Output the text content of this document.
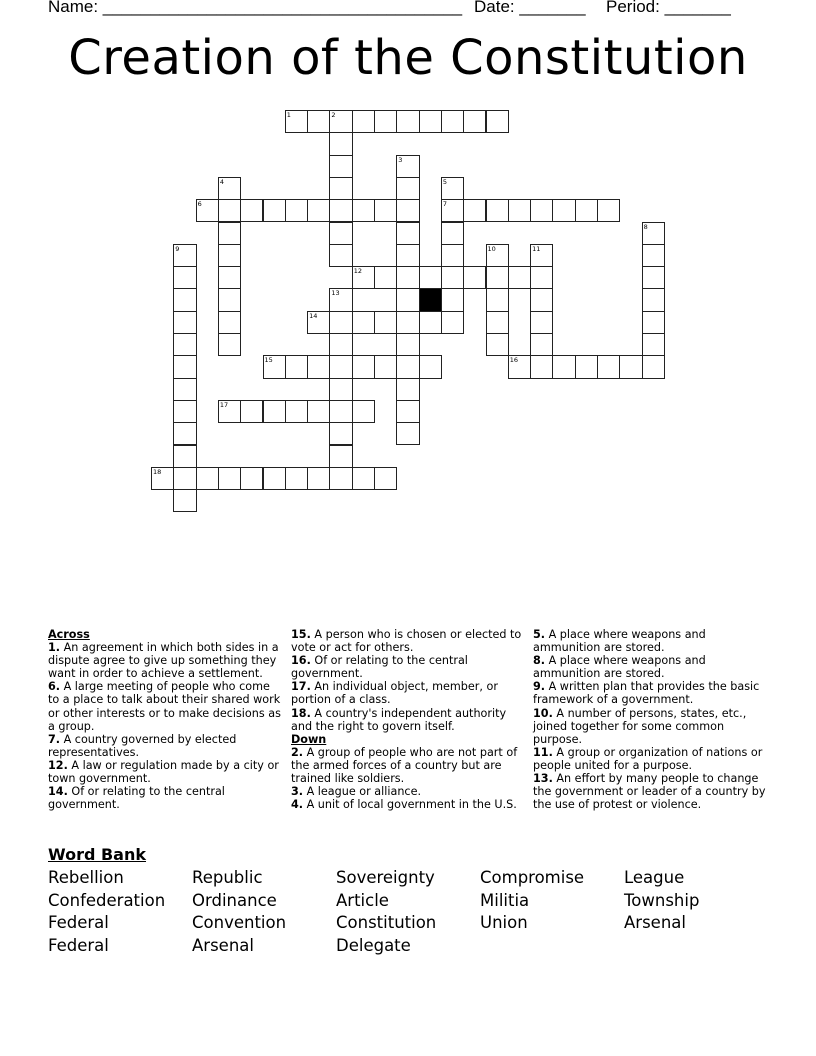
Name: ______________________________________ Date: _______ Period: _______
Creation of the Constitution
1	2
3
4	5
7
6
8
9	10	11
12
13
14
15	16
17
18
Across
1. An agreement in which both sides in a dispute agree to give up something they want in order to achieve a settlement.
6. A large meeting of people who come to a place to talk about their shared work or other interests or to make decisions as a group.
7. A country governed by elected representatives.
12. A law or regulation made by a city or town government.
14. Of or relating to the central government.
15. A person who is chosen or elected to vote or act for others.
16. Of or relating to the central government.
17. An individual object, member, or portion of a class.
18. A country's independent authority and the right to govern itself.
Down
2. A group of people who are not part of the armed forces of a country but are trained like soldiers.
3. A league or alliance.
4. A unit of local government in the U.S.
5. A place where weapons and ammunition are stored.
8. A place where weapons and ammunition are stored.
9. A written plan that provides the basic framework of a government.
10. A number of persons, states, etc., joined together for some common purpose.
11. A group or organization of nations or people united for a purpose.
13. An effort by many people to change the government or leader of a country by the use of protest or violence.
Word Bank
Rebellion	Republic	Sovereignty	Compromise	League
Confederation	Ordinance	Article	Militia	Township
Federal	Convention	Constitution	Union	Arsenal
Federal	Arsenal	Delegate
